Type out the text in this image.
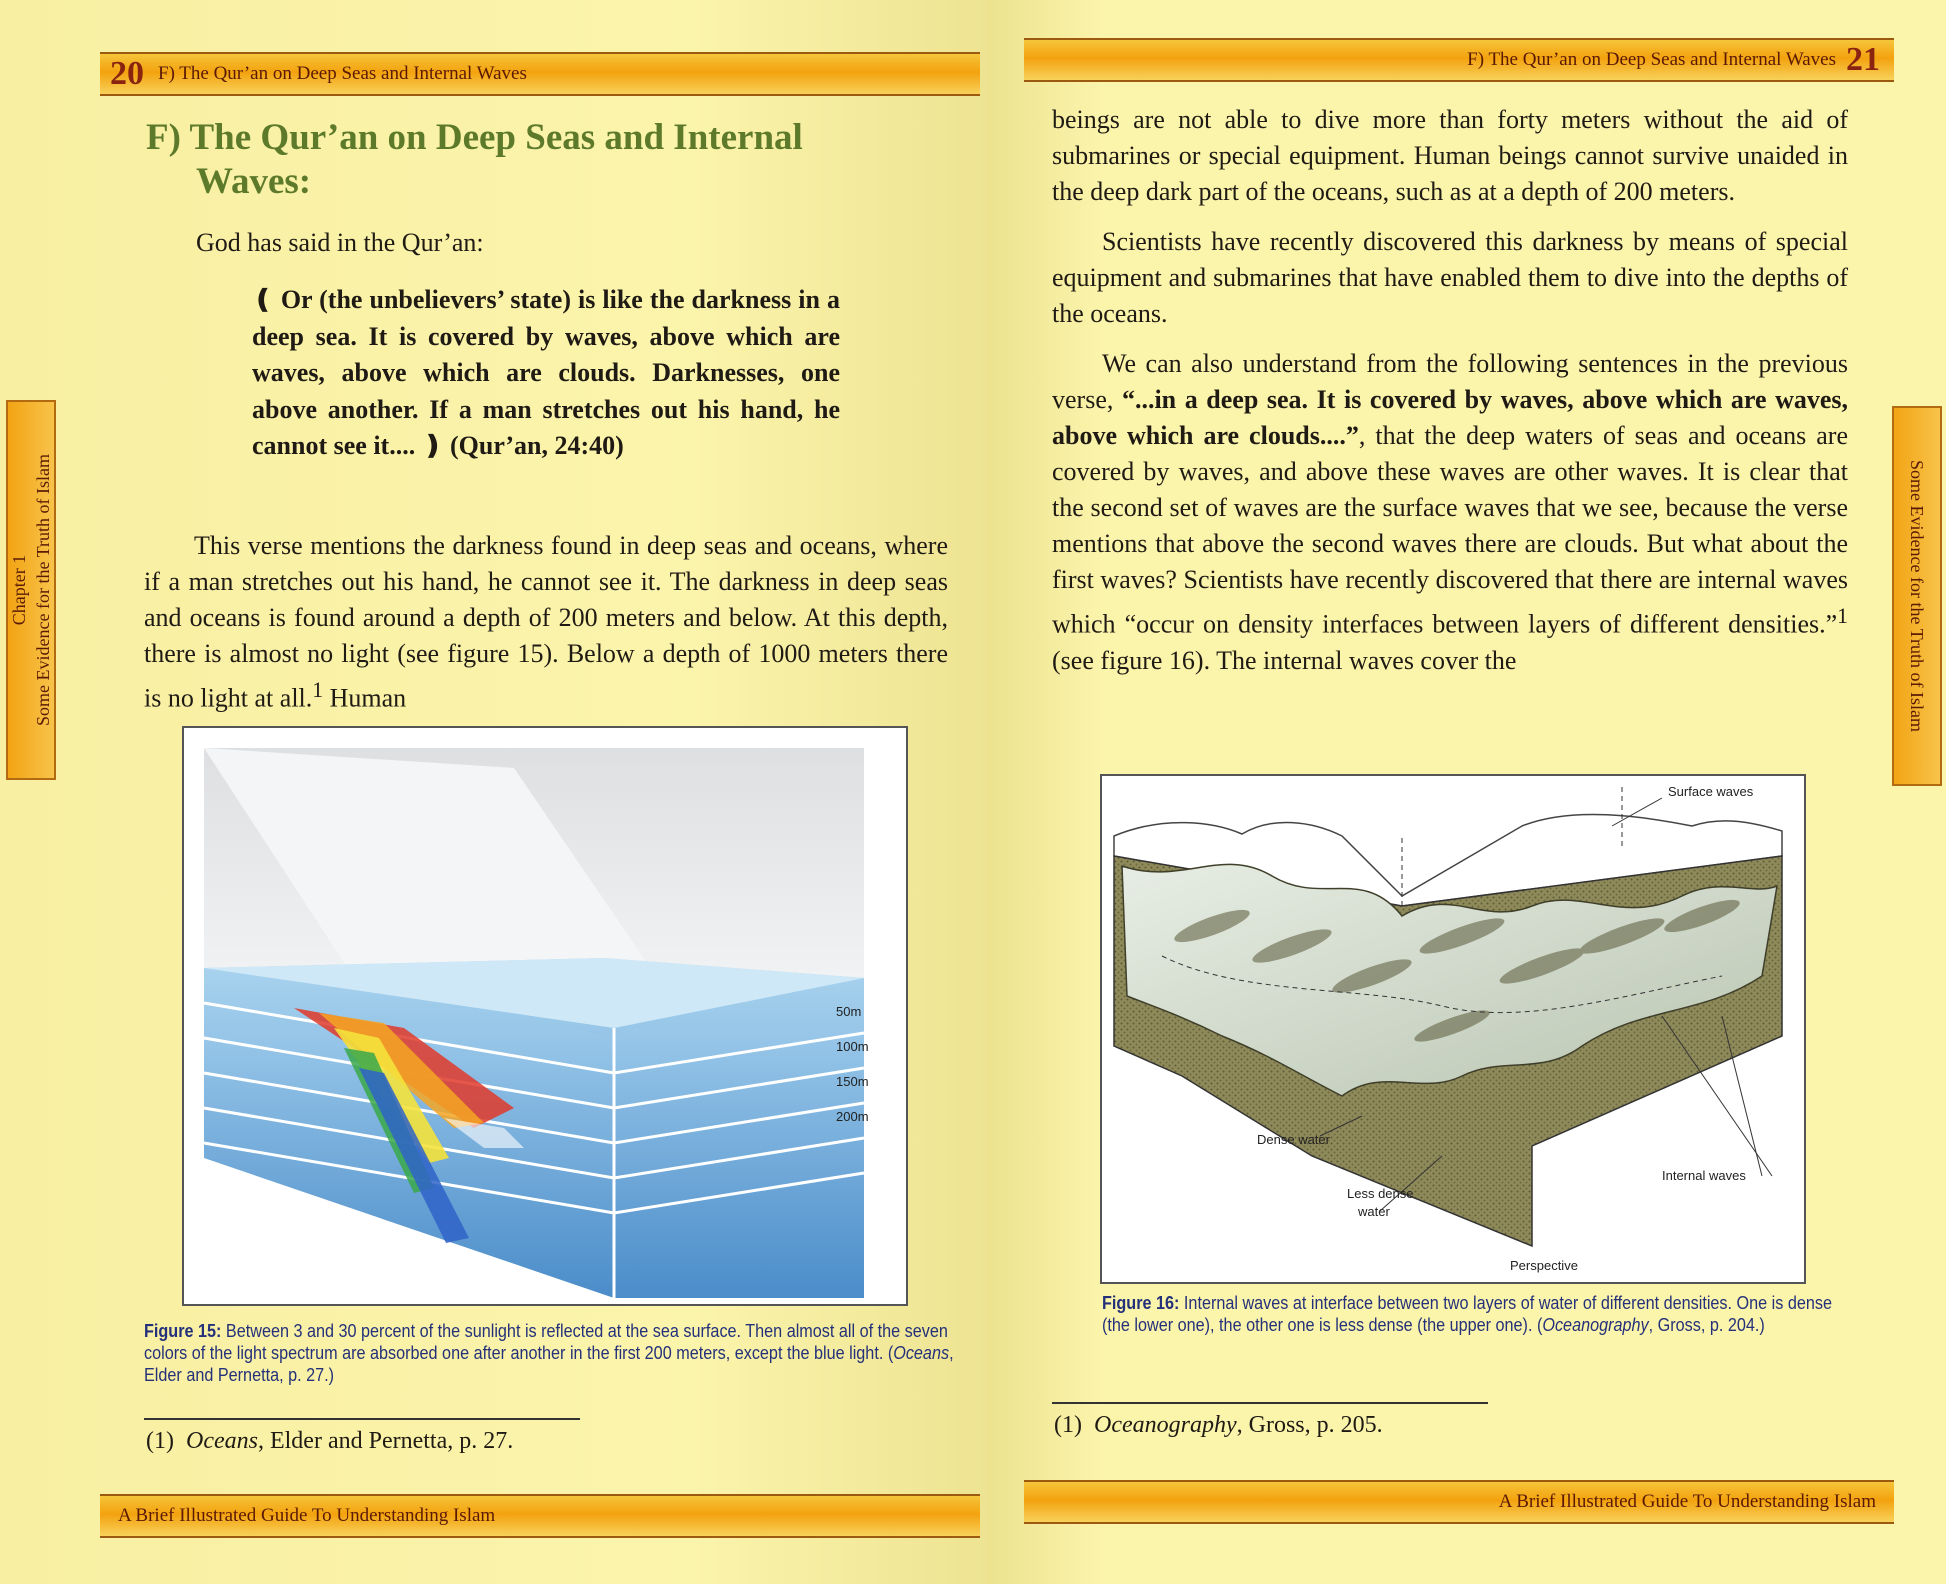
20 F) The Qur’an on Deep Seas and Internal Waves
Chapter 1 Some Evidence for the Truth of Islam
F) The Qur’an on Deep Seas and Internal
Waves:
God has said in the Qur’an:
❪ Or (the unbelievers’ state) is like the darkness in a deep sea. It is covered by waves, above which are waves, above which are clouds. Darknesses, one above another. If a man stretches out his hand, he cannot see it.... ❫ (Qur’an, 24:40)

This verse mentions the darkness found in deep seas and oceans, where if a man stretches out his hand, he cannot see it. The darkness in deep seas and oceans is found around a depth of 200 meters and below. At this depth, there is almost no light (see figure 15). Below a depth of 1000 meters there is no light at all.$^1$ Human

50m
100m
150m
200m
Figure 15: Between 3 and 30 percent of the sunlight is reflected at the sea surface. Then almost all of the seven colors of the light spectrum are absorbed one after another in the first 200 meters, except the blue light. (Oceans, Elder and Pernetta, p. 27.)
(1) Oceans, Elder and Pernetta, p. 27.
A Brief Illustrated Guide To Understanding Islam
F) The Qur’an on Deep Seas and Internal Waves 21
Some Evidence for the Truth of Islam

beings are not able to dive more than forty meters without the aid of submarines or special equipment. Human beings cannot survive unaided in the deep dark part of the oceans, such as at a depth of 200 meters.

Scientists have recently discovered this darkness by means of special equipment and submarines that have enabled them to dive into the depths of the oceans.

We can also understand from the following sentences in the previous verse, “...in a deep sea. It is covered by waves, above which are waves, above which are clouds....”, that the deep waters of seas and oceans are covered by waves, and above these waves are other waves. It is clear that the second set of waves are the surface waves that we see, because the verse mentions that above the second waves there are clouds. But what about the first waves? Scientists have recently discovered that there are internal waves which “occur on density interfaces between layers of different densities.”$^1$ (see figure 16). The internal waves cover the

Surface waves
Dense water
Less dense
water
Internal waves
Perspective
Figure 16: Internal waves at interface between two layers of water of different densities. One is dense (the lower one), the other one is less dense (the upper one). (Oceanography, Gross, p. 204.)
(1) Oceanography, Gross, p. 205.
A Brief Illustrated Guide To Understanding Islam
